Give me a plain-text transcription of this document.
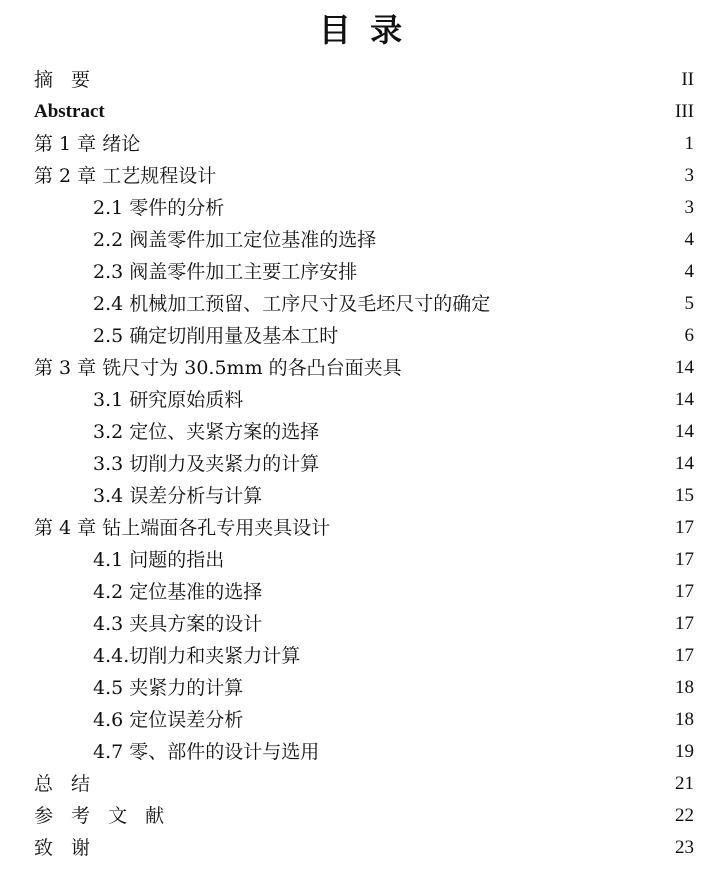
目 录
摘 要	II
Abstract	III
第 1 章 绪论	1
第 2 章 工艺规程设计	3
2.1 零件的分析	3
2.2 阀盖零件加工定位基准的选择	4
2.3 阀盖零件加工主要工序安排	4
2.4 机械加工预留、工序尺寸及毛坯尺寸的确定	5
2.5 确定切削用量及基本工时	6
第 3 章 铣尺寸为 30.5mm 的各凸台面夹具	14
3.1 研究原始质料	14
3.2 定位、夹紧方案的选择	14
3.3 切削力及夹紧力的计算	14
3.4 误差分析与计算	15
第 4 章 钻上端面各孔专用夹具设计	17
4.1 问题的指出	17
4.2 定位基准的选择	17
4.3 夹具方案的设计	17
4.4.切削力和夹紧力计算	17
4.5 夹紧力的计算	18
4.6 定位误差分析	18
4.7 零、部件的设计与选用	19
总 结	21
参 考 文 献	22
致 谢	23
